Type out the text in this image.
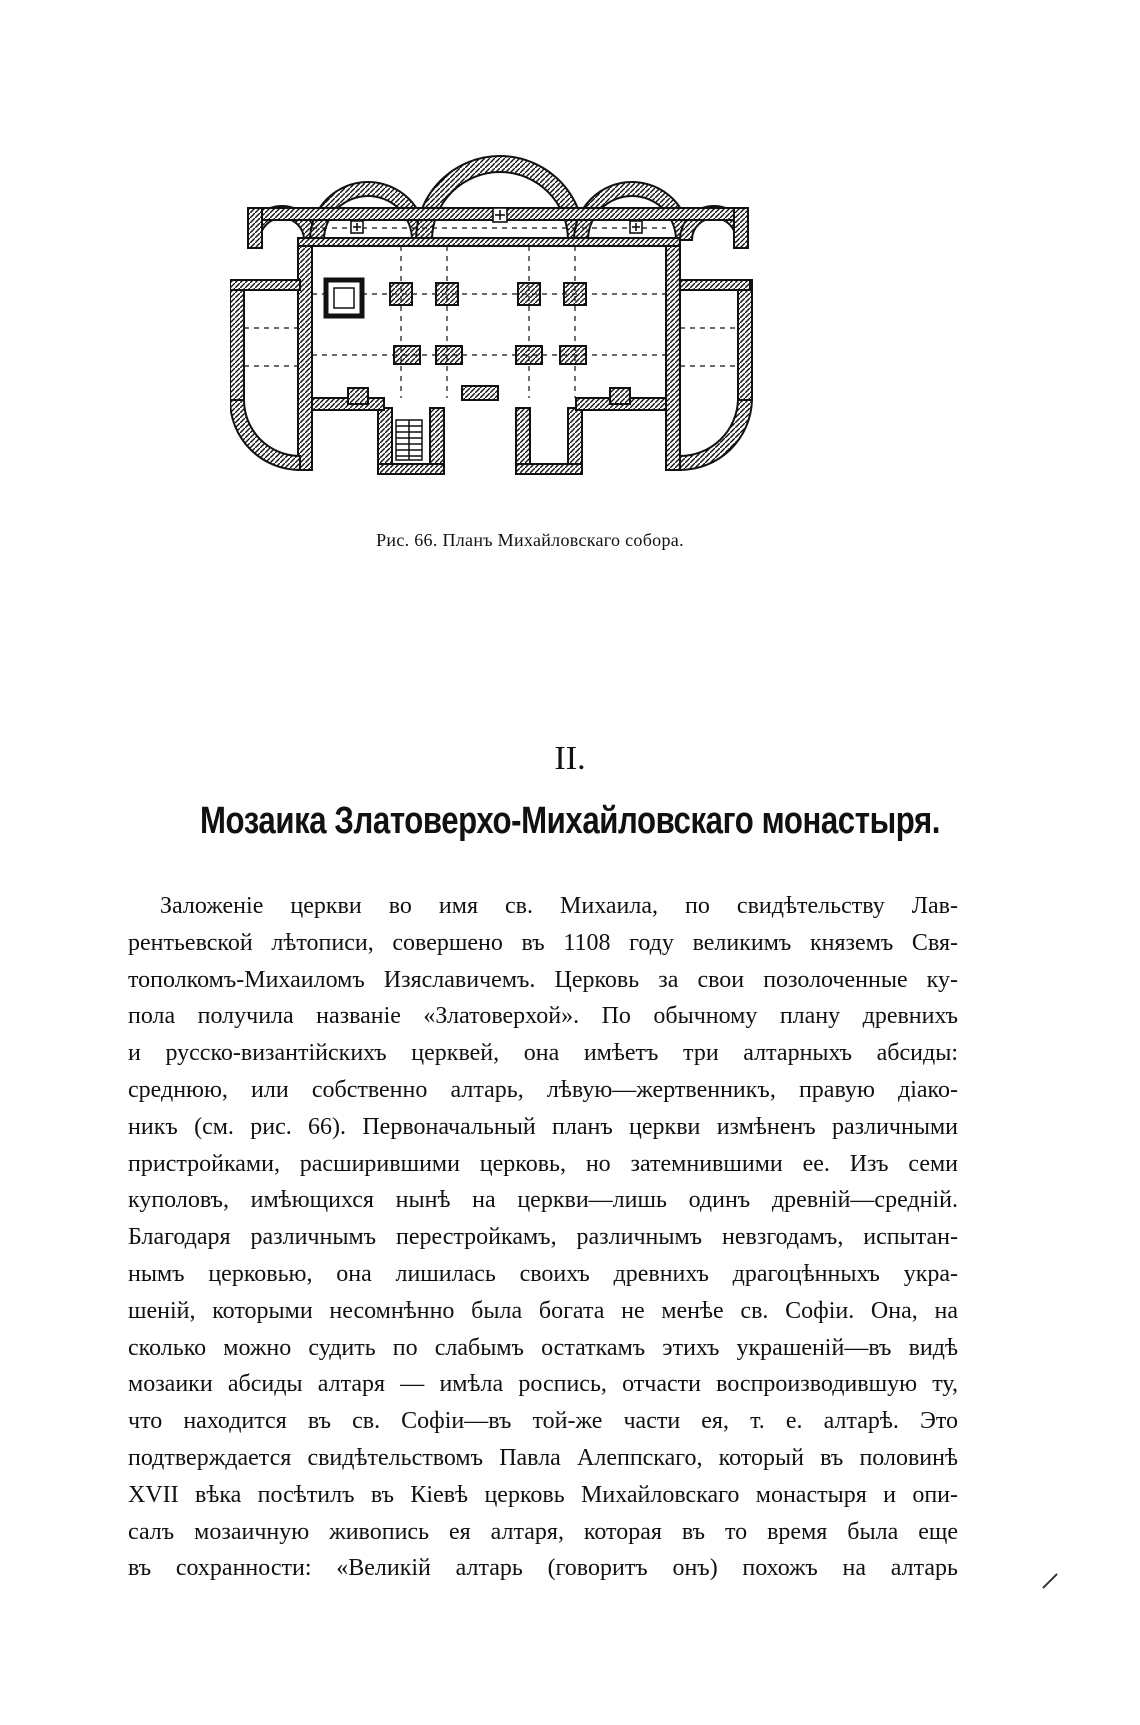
Рис. 66. Планъ Михайловскаго собора.
II.
Мозаика Златоверхо-Михайловскаго монастыря.
Заложенiе церкви во имя св. Михаила, по свидѣтельству Лав-
рентьевской лѣтописи, совершено въ 1108 году великимъ княземъ Свя-
тополкомъ-Михаиломъ Изяславичемъ. Церковь за свои позолоченные ку-
пола получила названiе «Златоверхой». По обычному плану древнихъ
и русско-византiйскихъ церквей, она имѣетъ три алтарныхъ абсиды:
среднюю, или собственно алтарь, лѣвую—жертвенникъ, правую дiако-
никъ (см. рис. 66). Первоначальный планъ церкви измѣненъ различными
пристройками, расширившими церковь, но затемнившими ее. Изъ семи
куполовъ, имѣющихся нынѣ на церкви—лишь одинъ древнiй—среднiй.
Благодаря различнымъ перестройкамъ, различнымъ невзгодамъ, испытан-
нымъ церковью, она лишилась своихъ древнихъ драгоцѣнныхъ укра-
шенiй, которыми несомнѣнно была богата не менѣе св. Софiи. Она, на
сколько можно судить по слабымъ остаткамъ этихъ украшенiй—въ видѣ
мозаики абсиды алтаря — имѣла роспись, отчасти воспроизводившую ту,
что находится въ св. Софiи—въ той-же части ея, т. е. алтарѣ. Это
подтверждается свидѣтельствомъ Павла Алеппскаго, который въ половинѣ
XVII вѣка посѣтилъ въ Кiевѣ церковь Михайловскаго монастыря и опи-
салъ мозаичную живопись ея алтаря, которая въ то время была еще
въ сохранности: «Великiй алтарь (говоритъ онъ) похожъ на алтарь
